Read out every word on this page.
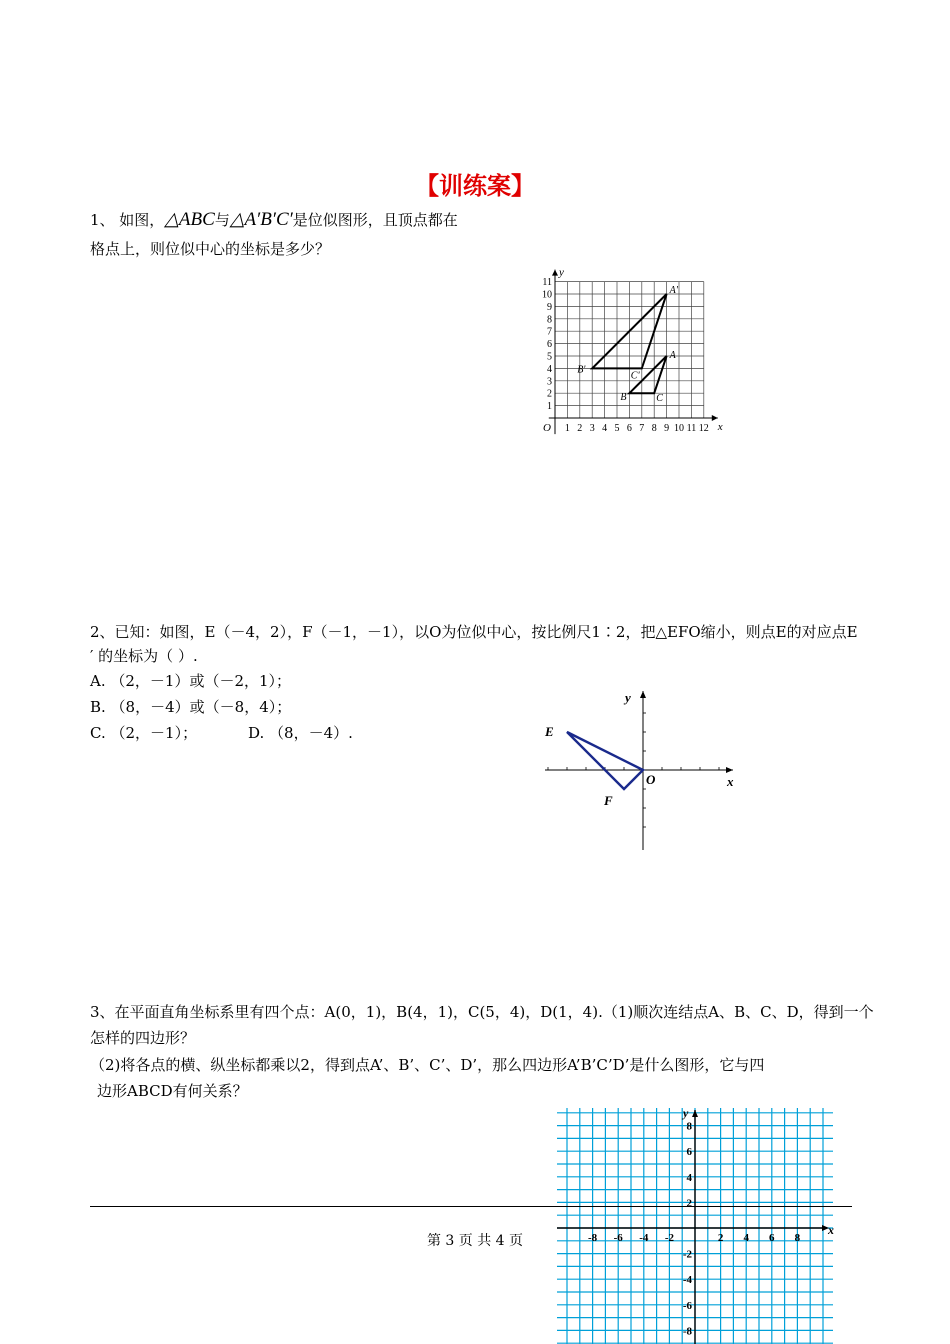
【训练案】
1、 如图，△ABC与△A′B′C′是位似图形，且顶点都在
格点上，则位似中心的坐标是多少？
1 2 3 4 5 6 7 8 9 10 11 12
1
2
3
4
5
6
7
8
9
10
11
O	x
y
A
B	C
A'
B'
C'
2、已知：如图，E（－4，2），F（－1，－1），以O为位似中心，按比例尺1∶2，把△EFO缩小，则点E的对应点E
′ 的坐标为（ ）.
A. （2，－1）或（－2，1）；
B. （8，－4）或（－8，4）；
C. （2，－1）；	D. （8，－4）.	E
F
O	x
y
3、在平面直角坐标系里有四个点：A(0，1)，B(4，1)，C(5，4)，D(1，4).（1)顺次连结点A、B、C、D，得到一个
怎样的四边形？
（2)将各点的横、纵坐标都乘以2，得到点A’、B’、C’、D’，那么四边形A’B’C’D’是什么图形，它与四
边形ABCD有何关系？
-8 -6 -4 -2	2 4 6 8
8
6
4
2
-2
-4
-6
-8
x
y
第 3 页 共 4 页
